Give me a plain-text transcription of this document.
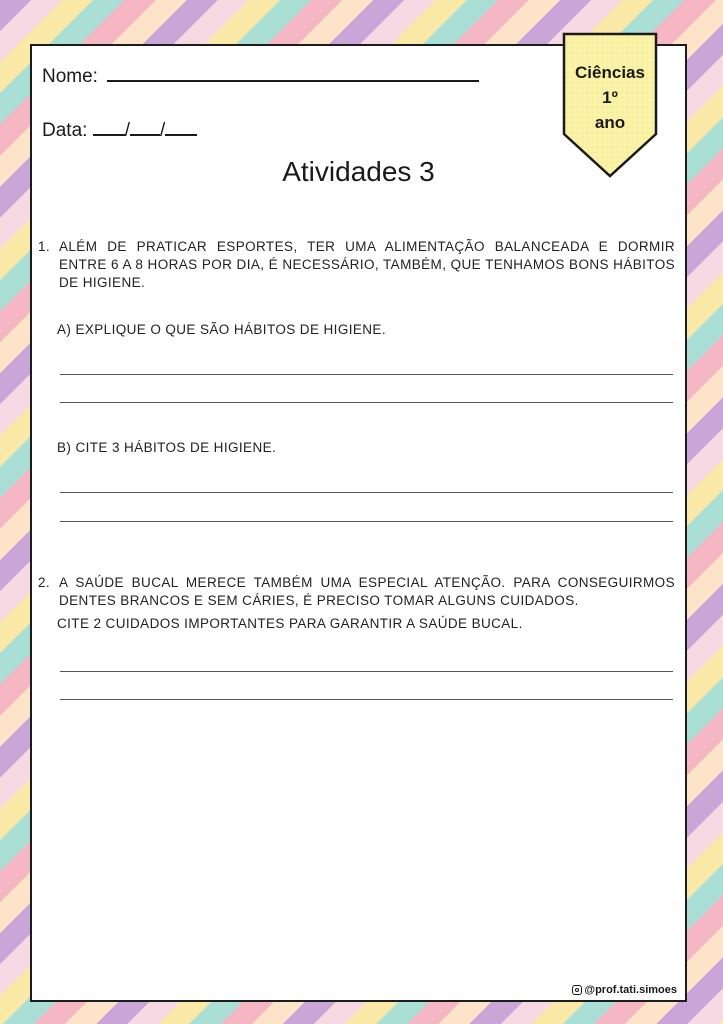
Nome:
Data: / /
Atividades 3
Ciências
1º
ano
1. ALÉM DE PRATICAR ESPORTES, TER UMA ALIMENTAÇÃO BALANCEADA E DORMIR ENTRE 6 A 8 HORAS POR DIA, É NECESSÁRIO, TAMBÉM, QUE TENHAMOS BONS HÁBITOS DE HIGIENE.
A) EXPLIQUE O QUE SÃO HÁBITOS DE HIGIENE.
B) CITE 3 HÁBITOS DE HIGIENE.
2. A SAÚDE BUCAL MERECE TAMBÉM UMA ESPECIAL ATENÇÃO. PARA CONSEGUIRMOS DENTES BRANCOS E SEM CÁRIES, É PRECISO TOMAR ALGUNS CUIDADOS.
CITE 2 CUIDADOS IMPORTANTES PARA GARANTIR A SAÚDE BUCAL.
@prof.tati.simoes
